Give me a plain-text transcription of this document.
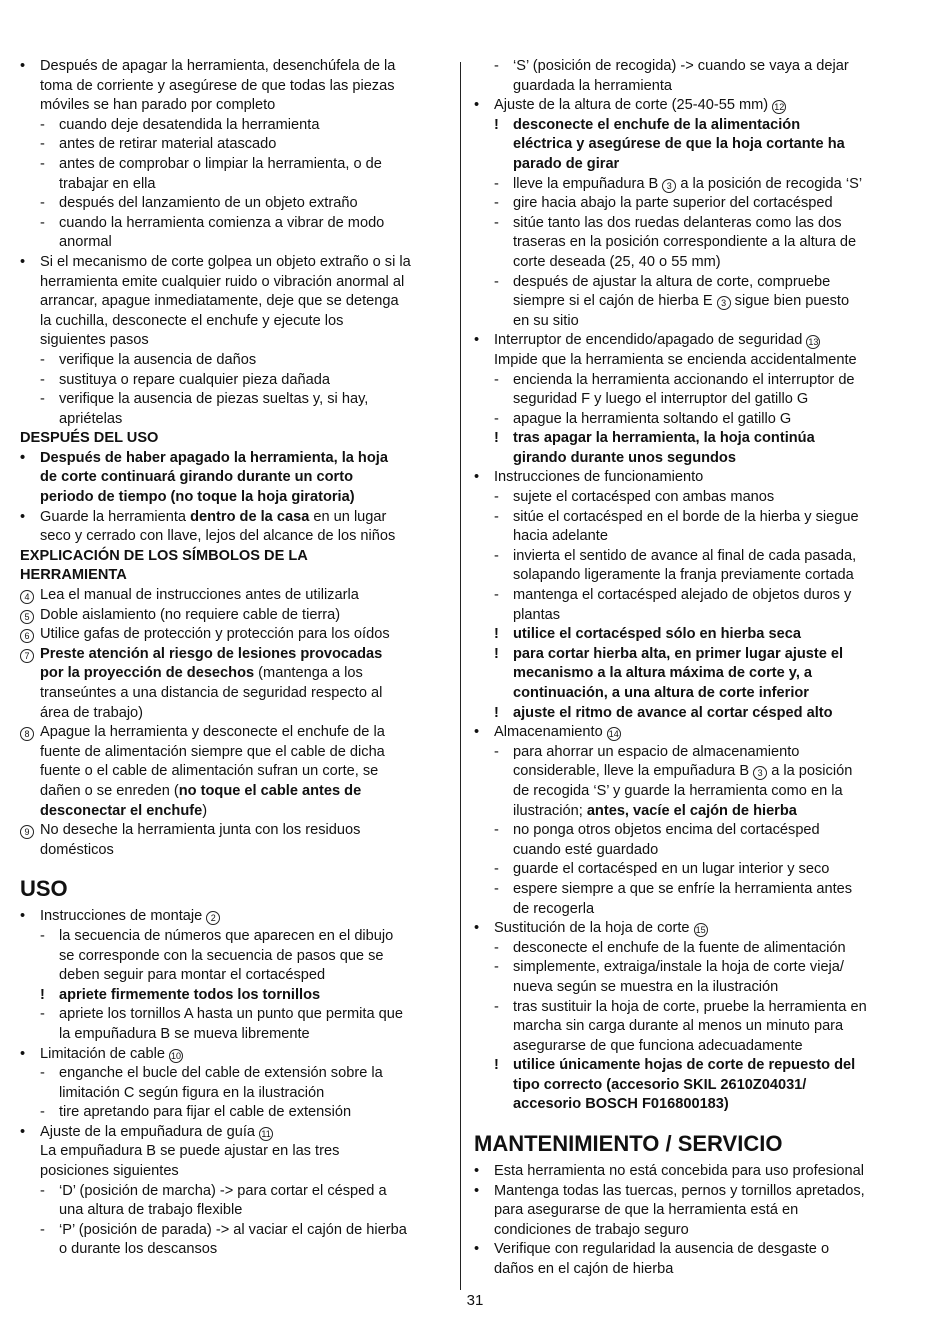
• Después de apagar la herramienta, desenchúfela de la
toma de corriente y asegúrese de que todas las piezas
móviles se han parado por completo
- cuando deje desatendida la herramienta
- antes de retirar material atascado
- antes de comprobar o limpiar la herramienta, o de
trabajar en ella
- después del lanzamiento de un objeto extraño
- cuando la herramienta comienza a vibrar de modo
anormal
• Si el mecanismo de corte golpea un objeto extraño o si la
herramienta emite cualquier ruido o vibración anormal al
arrancar, apague inmediatamente, deje que se detenga
la cuchilla, desconecte el enchufe y ejecute los
siguientes pasos
- verifique la ausencia de daños
- sustituya o repare cualquier pieza dañada
- verifique la ausencia de piezas sueltas y, si hay,
apriételas
DESPUÉS DEL USO
• Después de haber apagado la herramienta, la hoja
de corte continuará girando durante un corto
periodo de tiempo (no toque la hoja giratoria)
• Guarde la herramienta dentro de la casa en un lugar
seco y cerrado con llave, lejos del alcance de los niños
EXPLICACIÓN DE LOS SÍMBOLOS DE LA
HERRAMIENTA
4 Lea el manual de instrucciones antes de utilizarla
5 Doble aislamiento (no requiere cable de tierra)
6 Utilice gafas de protección y protección para los oídos
7 Preste atención al riesgo de lesiones provocadas
por la proyección de desechos (mantenga a los
transeúntes a una distancia de seguridad respecto al
área de trabajo)
8 Apague la herramienta y desconecte el enchufe de la
fuente de alimentación siempre que el cable de dicha
fuente o el cable de alimentación sufran un corte, se
dañen o se enreden (no toque el cable antes de
desconectar el enchufe)
9 No deseche la herramienta junta con los residuos
domésticos
USO
• Instrucciones de montaje 2
- la secuencia de números que aparecen en el dibujo
se corresponde con la secuencia de pasos que se
deben seguir para montar el cortacésped
! apriete firmemente todos los tornillos
- apriete los tornillos A hasta un punto que permita que
la empuñadura B se mueva libremente
• Limitación de cable 10
- enganche el bucle del cable de extensión sobre la
limitación C según figura en la ilustración
- tire apretando para fijar el cable de extensión
• Ajuste de la empuñadura de guía 11
La empuñadura B se puede ajustar en las tres
posiciones siguientes
- ‘D’ (posición de marcha) -> para cortar el césped a
una altura de trabajo flexible
- ‘P’ (posición de parada) -> al vaciar el cajón de hierba
o durante los descansos
- ‘S’ (posición de recogida) -> cuando se vaya a dejar
guardada la herramienta
• Ajuste de la altura de corte (25-40-55 mm) 12
! desconecte el enchufe de la alimentación
eléctrica y asegúrese de que la hoja cortante ha
parado de girar
- lleve la empuñadura B 3 a la posición de recogida ‘S’
- gire hacia abajo la parte superior del cortacésped
- sitúe tanto las dos ruedas delanteras como las dos
traseras en la posición correspondiente a la altura de
corte deseada (25, 40 o 55 mm)
- después de ajustar la altura de corte, compruebe
siempre si el cajón de hierba E 3 sigue bien puesto
en su sitio
• Interruptor de encendido/apagado de seguridad 13
Impide que la herramienta se encienda accidentalmente
- encienda la herramienta accionando el interruptor de
seguridad F y luego el interruptor del gatillo G
- apague la herramienta soltando el gatillo G
! tras apagar la herramienta, la hoja continúa
girando durante unos segundos
• Instrucciones de funcionamiento
- sujete el cortacésped con ambas manos
- sitúe el cortacésped en el borde de la hierba y siegue
hacia adelante
- invierta el sentido de avance al final de cada pasada,
solapando ligeramente la franja previamente cortada
- mantenga el cortacésped alejado de objetos duros y
plantas
! utilice el cortacésped sólo en hierba seca
! para cortar hierba alta, en primer lugar ajuste el
mecanismo a la altura máxima de corte y, a
continuación, a una altura de corte inferior
! ajuste el ritmo de avance al cortar césped alto
• Almacenamiento 14
- para ahorrar un espacio de almacenamiento
considerable, lleve la empuñadura B 3 a la posición
de recogida ‘S’ y guarde la herramienta como en la
ilustración; antes, vacíe el cajón de hierba
- no ponga otros objetos encima del cortacésped
cuando esté guardado
- guarde el cortacésped en un lugar interior y seco
- espere siempre a que se enfríe la herramienta antes
de recogerla
• Sustitución de la hoja de corte 15
- desconecte el enchufe de la fuente de alimentación
- simplemente, extraiga/instale la hoja de corte vieja/
nueva según se muestra en la ilustración
- tras sustituir la hoja de corte, pruebe la herramienta en
marcha sin carga durante al menos un minuto para
asegurarse de que funciona adecuadamente
! utilice únicamente hojas de corte de repuesto del
tipo correcto (accesorio SKIL 2610Z04031/
accesorio BOSCH F016800183)
MANTENIMIENTO / SERVICIO
• Esta herramienta no está concebida para uso profesional
• Mantenga todas las tuercas, pernos y tornillos apretados,
para asegurarse de que la herramienta está en
condiciones de trabajo seguro
• Verifique con regularidad la ausencia de desgaste o
daños en el cajón de hierba
31
